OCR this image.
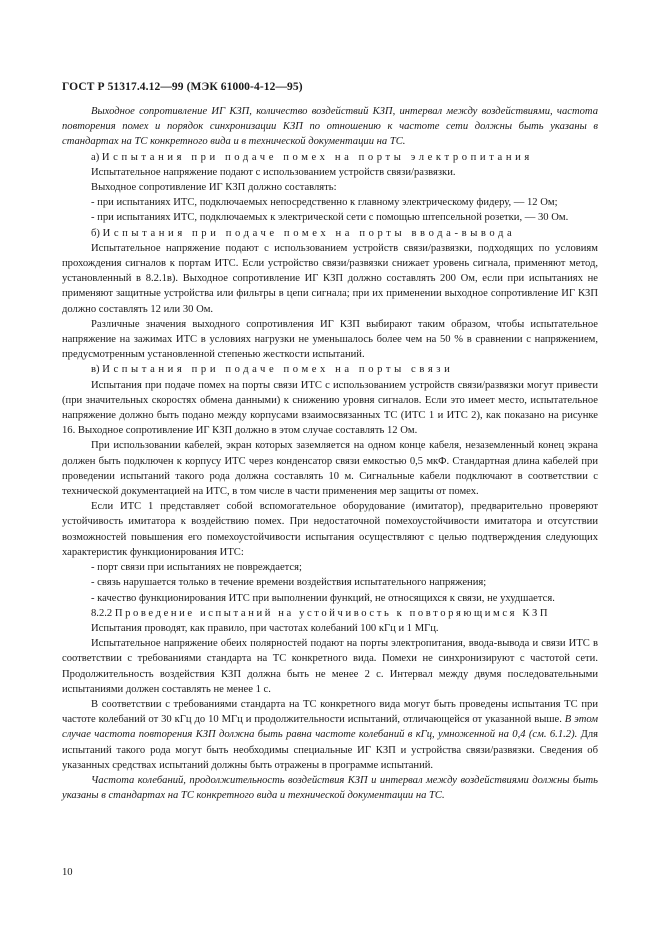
ГОСТ Р 51317.4.12—99 (МЭК 61000-4-12—95)

Выходное сопротивление ИГ КЗП, количество воздействий КЗП, интервал между воздействиями, частота повторения помех и порядок синхронизации КЗП по отношению к частоте сети должны быть указаны в стандартах на ТС конкретного вида и в технической документации на ТС.

а) Испытания при подаче помех на порты электропитания

Испытательное напряжение подают с использованием устройств связи/развязки.

Выходное сопротивление ИГ КЗП должно составлять:

- при испытаниях ИТС, подключаемых непосредственно к главному электрическому фидеру, — 12 Ом;

- при испытаниях ИТС, подключаемых к электрической сети с помощью штепсельной розетки, — 30 Ом.

б) Испытания при подаче помех на порты ввода-вывода

Испытательное напряжение подают с использованием устройств связи/развязки, подходящих по условиям прохождения сигналов к портам ИТС. Если устройство связи/развязки снижает уровень сигнала, применяют метод, установленный в 8.2.1в). Выходное сопротивление ИГ КЗП должно составлять 200 Ом, если при испытаниях не применяют защитные устройства или фильтры в цепи сигнала; при их применении выходное сопротивление ИГ КЗП должно составлять 12 или 30 Ом.

Различные значения выходного сопротивления ИГ КЗП выбирают таким образом, чтобы испытательное напряжение на зажимах ИТС в условиях нагрузки не уменьшалось более чем на 50 % в сравнении с напряжением, предусмотренным установленной степенью жесткости испытаний.

в) Испытания при подаче помех на порты связи

Испытания при подаче помех на порты связи ИТС с использованием устройств связи/развязки могут привести (при значительных скоростях обмена данными) к снижению уровня сигналов. Если это имеет место, испытательное напряжение должно быть подано между корпусами взаимосвязанных ТС (ИТС 1 и ИТС 2), как показано на рисунке 16. Выходное сопротивление ИГ КЗП должно в этом случае составлять 12 Ом.

При использовании кабелей, экран которых заземляется на одном конце кабеля, незаземленный конец экрана должен быть подключен к корпусу ИТС через конденсатор связи емкостью 0,5 мкФ. Стандартная длина кабелей при проведении испытаний такого рода должна составлять 10 м. Сигнальные кабели подключают в соответствии с технической документацией на ИТС, в том числе в части применения мер защиты от помех.

Если ИТС 1 представляет собой вспомогательное оборудование (имитатор), предварительно проверяют устойчивость имитатора к воздействию помех. При недостаточной помехоустойчивости имитатора и отсутствии возможностей повышения его помехоустойчивости испытания осуществляют с целью подтверждения следующих характеристик функционирования ИТС:

- порт связи при испытаниях не повреждается;

- связь нарушается только в течение времени воздействия испытательного напряжения;

- качество функционирования ИТС при выполнении функций, не относящихся к связи, не ухудшается.

8.2.2 Проведение испытаний на устойчивость к повторяющимся КЗП

Испытания проводят, как правило, при частотах колебаний 100 кГц и 1 МГц.

Испытательное напряжение обеих полярностей подают на порты электропитания, ввода-вывода и связи ИТС в соответствии с требованиями стандарта на ТС конкретного вида. Помехи не синхронизируют с частотой сети. Продолжительность воздействия КЗП должна быть не менее 2 с. Интервал между двумя последовательными испытаниями должен составлять не менее 1 с.

В соответствии с требованиями стандарта на ТС конкретного вида могут быть проведены испытания ТС при частоте колебаний от 30 кГц до 10 МГц и продолжительности испытаний, отличающейся от указанной выше. В этом случае частота повторения КЗП должна быть равна частоте колебаний в кГц, умноженной на 0,4 (см. 6.1.2). Для испытаний такого рода могут быть необходимы специальные ИГ КЗП и устройства связи/развязки. Сведения об указанных средствах испытаний должны быть отражены в программе испытаний.

Частота колебаний, продолжительность воздействия КЗП и интервал между воздействиями должны быть указаны в стандартах на ТС конкретного вида и технической документации на ТС.

10
